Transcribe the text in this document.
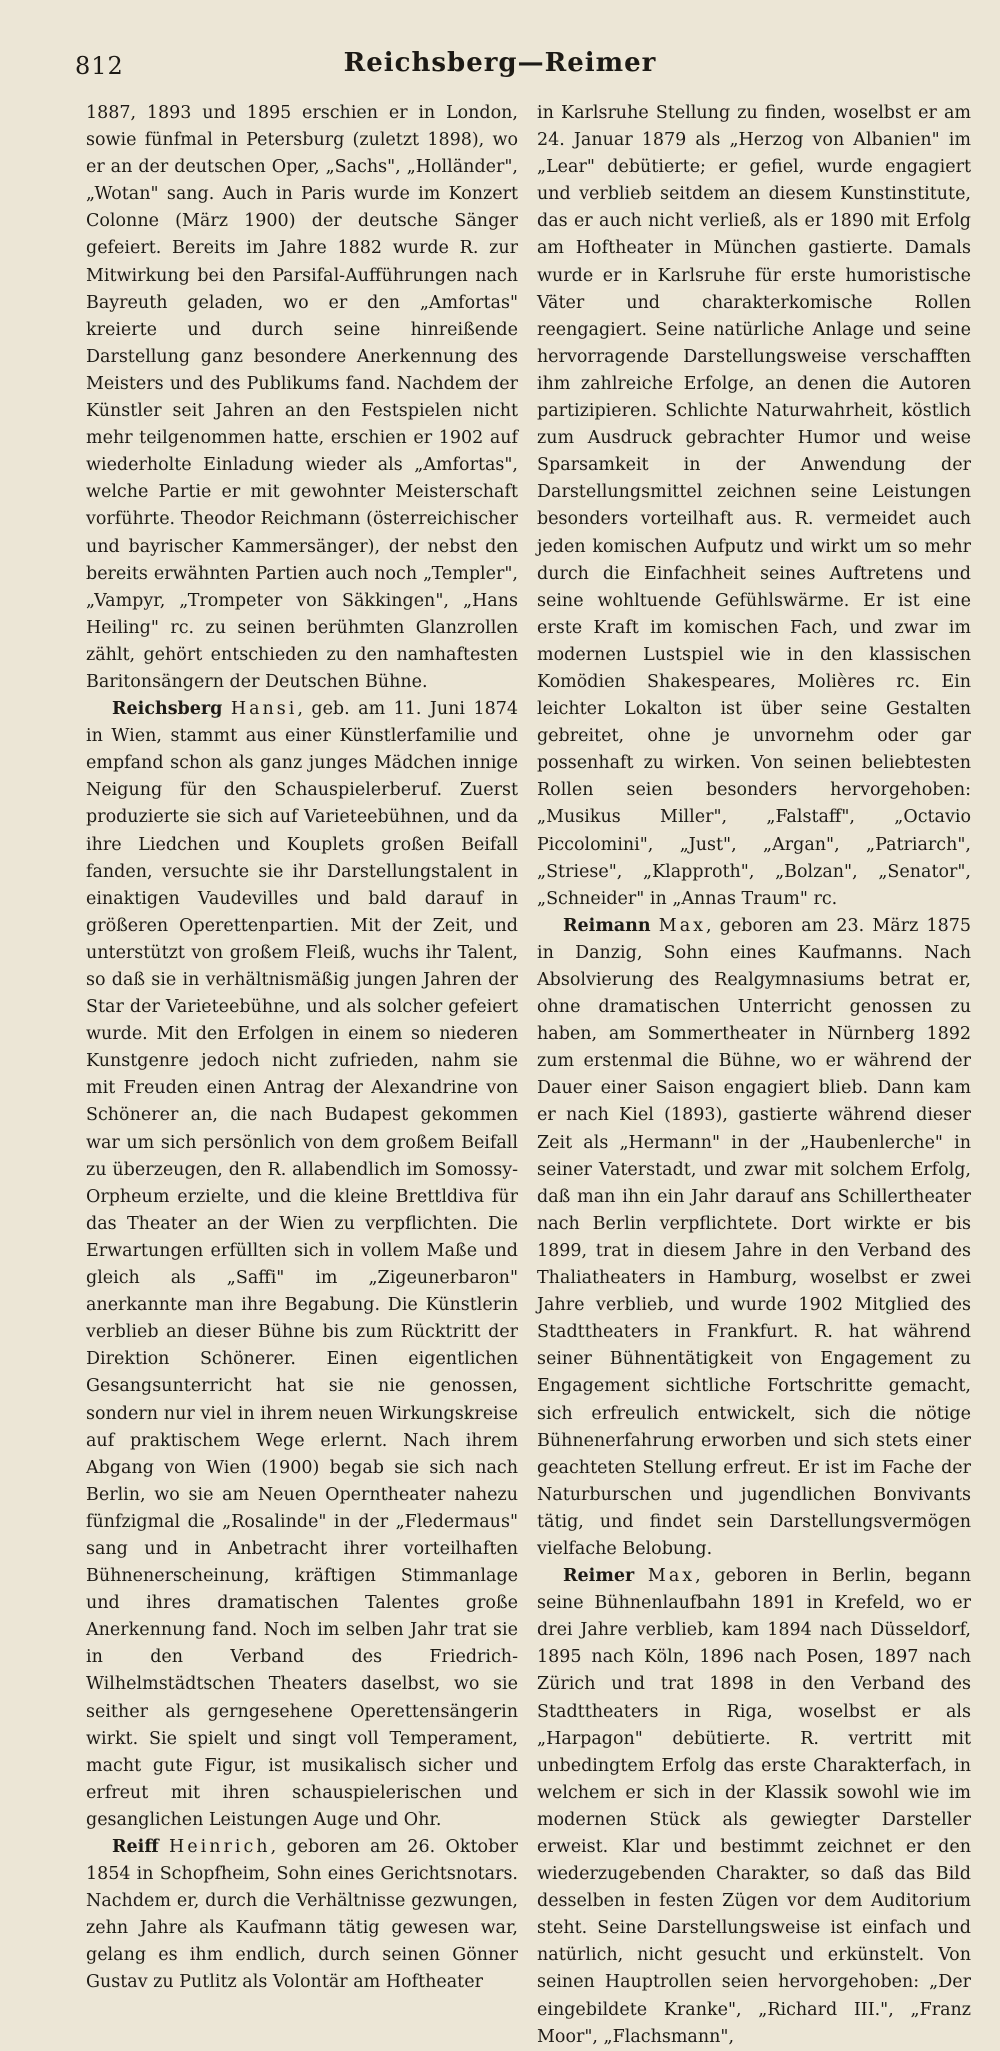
812	Reichsberg—Reimer

1887, 1893 und 1895 erschien er in London, sowie fünfmal in Petersburg (zuletzt 1898), wo er an der deutschen Oper, „Sachs", „Holländer", „Wotan" sang. Auch in Paris wurde im Konzert Colonne (März 1900) der deutsche Sänger gefeiert. Bereits im Jahre 1882 wurde R. zur Mitwirkung bei den Parsifal-Aufführungen nach Bayreuth geladen, wo er den „Amfortas" kreierte und durch seine hinreißende Darstellung ganz besondere Anerkennung des Meisters und des Publikums fand. Nachdem der Künstler seit Jahren an den Festspielen nicht mehr teilgenommen hatte, erschien er 1902 auf wiederholte Einladung wieder als „Amfortas", welche Partie er mit gewohnter Meisterschaft vorführte. Theodor Reichmann (österreichischer und bayrischer Kammersänger), der nebst den bereits erwähnten Partien auch noch „Templer", „Vampyr, „Trompeter von Säkkingen", „Hans Heiling" rc. zu seinen berühmten Glanzrollen zählt, gehört entschieden zu den namhaftesten Baritonsängern der Deutschen Bühne.

Reichsberg Hansi, geb. am 11. Juni 1874 in Wien, stammt aus einer Künstlerfamilie und empfand schon als ganz junges Mädchen innige Neigung für den Schauspielerberuf. Zuerst produzierte sie sich auf Varieteebühnen, und da ihre Liedchen und Kouplets großen Beifall fanden, versuchte sie ihr Darstellungstalent in einaktigen Vaudevilles und bald darauf in größeren Operettenpartien. Mit der Zeit, und unterstützt von großem Fleiß, wuchs ihr Talent, so daß sie in verhältnismäßig jungen Jahren der Star der Varieteebühne, und als solcher gefeiert wurde. Mit den Erfolgen in einem so niederen Kunstgenre jedoch nicht zufrieden, nahm sie mit Freuden einen Antrag der Alexandrine von Schönerer an, die nach Budapest gekommen war um sich persönlich von dem großem Beifall zu überzeugen, den R. allabendlich im Somossy-Orpheum erzielte, und die kleine Brettldiva für das Theater an der Wien zu verpflichten. Die Erwartungen erfüllten sich in vollem Maße und gleich als „Saffi" im „Zigeunerbaron" anerkannte man ihre Begabung. Die Künstlerin verblieb an dieser Bühne bis zum Rücktritt der Direktion Schönerer. Einen eigentlichen Gesangsunterricht hat sie nie genossen, sondern nur viel in ihrem neuen Wirkungskreise auf praktischem Wege erlernt. Nach ihrem Abgang von Wien (1900) begab sie sich nach Berlin, wo sie am Neuen Operntheater nahezu fünfzigmal die „Rosalinde" in der „Fledermaus" sang und in Anbetracht ihrer vorteilhaften Bühnenerscheinung, kräftigen Stimmanlage und ihres dramatischen Talentes große Anerkennung fand. Noch im selben Jahr trat sie in den Verband des Friedrich-Wilhelmstädtschen Theaters daselbst, wo sie seither als gerngesehene Operettensängerin wirkt. Sie spielt und singt voll Temperament, macht gute Figur, ist musikalisch sicher und erfreut mit ihren schauspielerischen und gesanglichen Leistungen Auge und Ohr.

Reiff Heinrich, geboren am 26. Oktober 1854 in Schopfheim, Sohn eines Gerichtsnotars. Nachdem er, durch die Verhältnisse gezwungen, zehn Jahre als Kaufmann tätig gewesen war, gelang es ihm endlich, durch seinen Gönner Gustav zu Putlitz als Volontär am Hoftheater

in Karlsruhe Stellung zu finden, woselbst er am 24. Januar 1879 als „Herzog von Albanien" im „Lear" debütierte; er gefiel, wurde engagiert und verblieb seitdem an diesem Kunstinstitute, das er auch nicht verließ, als er 1890 mit Erfolg am Hoftheater in München gastierte. Damals wurde er in Karlsruhe für erste humoristische Väter und charakterkomische Rollen reengagiert. Seine natürliche Anlage und seine hervorragende Darstellungsweise verschafften ihm zahlreiche Erfolge, an denen die Autoren partizipieren. Schlichte Naturwahrheit, köstlich zum Ausdruck gebrachter Humor und weise Sparsamkeit in der Anwendung der Darstellungsmittel zeichnen seine Leistungen besonders vorteilhaft aus. R. vermeidet auch jeden komischen Aufputz und wirkt um so mehr durch die Einfachheit seines Auftretens und seine wohltuende Gefühlswärme. Er ist eine erste Kraft im komischen Fach, und zwar im modernen Lustspiel wie in den klassischen Komödien Shakespeares, Molières rc. Ein leichter Lokalton ist über seine Gestalten gebreitet, ohne je unvornehm oder gar possenhaft zu wirken. Von seinen beliebtesten Rollen seien besonders hervorgehoben: „Musikus Miller", „Falstaff", „Octavio Piccolomini", „Just", „Argan", „Patriarch", „Striese", „Klapproth", „Bolzan", „Senator", „Schneider" in „Annas Traum" rc.

Reimann Max, geboren am 23. März 1875 in Danzig, Sohn eines Kaufmanns. Nach Absolvierung des Realgymnasiums betrat er, ohne dramatischen Unterricht genossen zu haben, am Sommertheater in Nürnberg 1892 zum erstenmal die Bühne, wo er während der Dauer einer Saison engagiert blieb. Dann kam er nach Kiel (1893), gastierte während dieser Zeit als „Hermann" in der „Haubenlerche" in seiner Vaterstadt, und zwar mit solchem Erfolg, daß man ihn ein Jahr darauf ans Schillertheater nach Berlin verpflichtete. Dort wirkte er bis 1899, trat in diesem Jahre in den Verband des Thaliatheaters in Hamburg, woselbst er zwei Jahre verblieb, und wurde 1902 Mitglied des Stadttheaters in Frankfurt. R. hat während seiner Bühnentätigkeit von Engagement zu Engagement sichtliche Fortschritte gemacht, sich erfreulich entwickelt, sich die nötige Bühnenerfahrung erworben und sich stets einer geachteten Stellung erfreut. Er ist im Fache der Naturburschen und jugendlichen Bonvivants tätig, und findet sein Darstellungsvermögen vielfache Belobung.

Reimer Max, geboren in Berlin, begann seine Bühnenlaufbahn 1891 in Krefeld, wo er drei Jahre verblieb, kam 1894 nach Düsseldorf, 1895 nach Köln, 1896 nach Posen, 1897 nach Zürich und trat 1898 in den Verband des Stadttheaters in Riga, woselbst er als „Harpagon" debütierte. R. vertritt mit unbedingtem Erfolg das erste Charakterfach, in welchem er sich in der Klassik sowohl wie im modernen Stück als gewiegter Darsteller erweist. Klar und bestimmt zeichnet er den wiederzugebenden Charakter, so daß das Bild desselben in festen Zügen vor dem Auditorium steht. Seine Darstellungsweise ist einfach und natürlich, nicht gesucht und erkünstelt. Von seinen Hauptrollen seien hervorgehoben: „Der eingebildete Kranke", „Richard III.", „Franz Moor", „Flachsmann",
